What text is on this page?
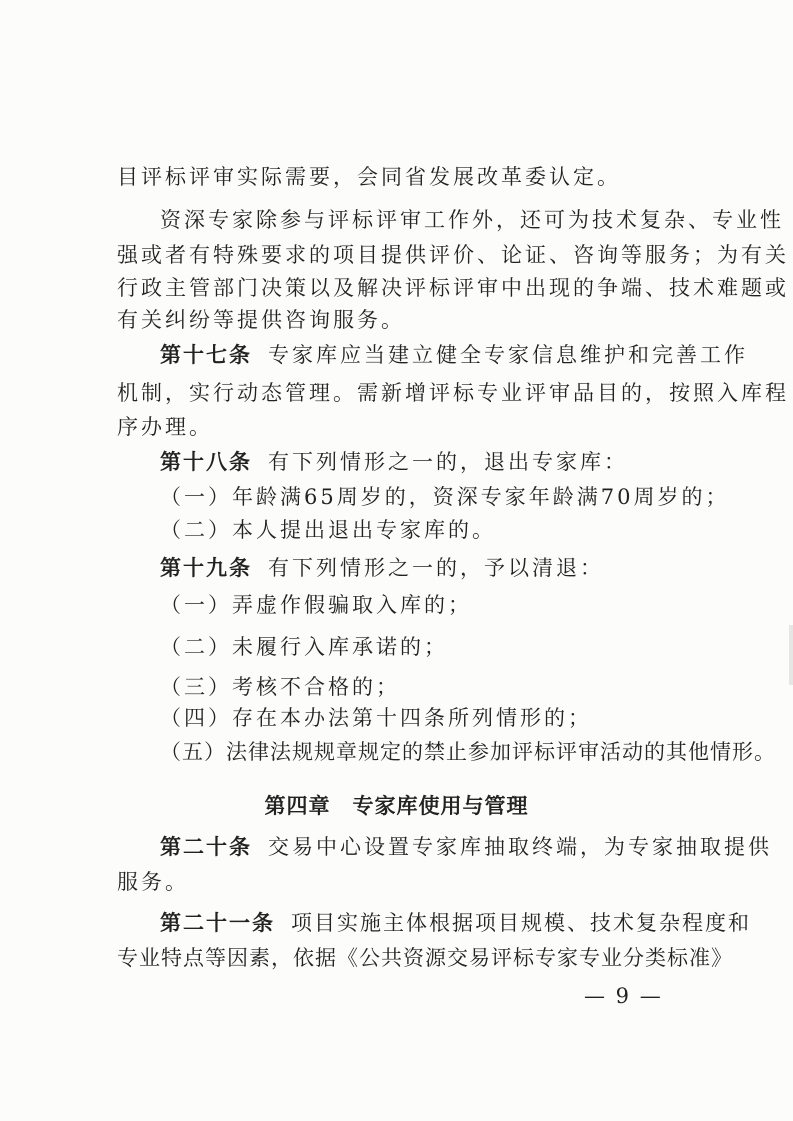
目评标评审实际需要，会同省发展改革委认定。
资深专家除参与评标评审工作外，还可为技术复杂、专业性
强或者有特殊要求的项目提供评价、论证、咨询等服务；为有关
行政主管部门决策以及解决评标评审中出现的争端、技术难题或
有关纠纷等提供咨询服务。
第十七条 专家库应当建立健全专家信息维护和完善工作
机制，实行动态管理。需新增评标专业评审品目的，按照入库程
序办理。
第十八条 有下列情形之一的，退出专家库：
（一）年龄满65周岁的，资深专家年龄满70周岁的；
（二）本人提出退出专家库的。
第十九条 有下列情形之一的，予以清退：
（一）弄虚作假骗取入库的；
（二）未履行入库承诺的；
（三）考核不合格的；
（四）存在本办法第十四条所列情形的；
（五）法律法规规章规定的禁止参加评标评审活动的其他情形。
第四章 专家库使用与管理
第二十条 交易中心设置专家库抽取终端，为专家抽取提供
服务。
第二十一条 项目实施主体根据项目规模、技术复杂程度和
专业特点等因素，依据《公共资源交易评标专家专业分类标准》
— 9 —
